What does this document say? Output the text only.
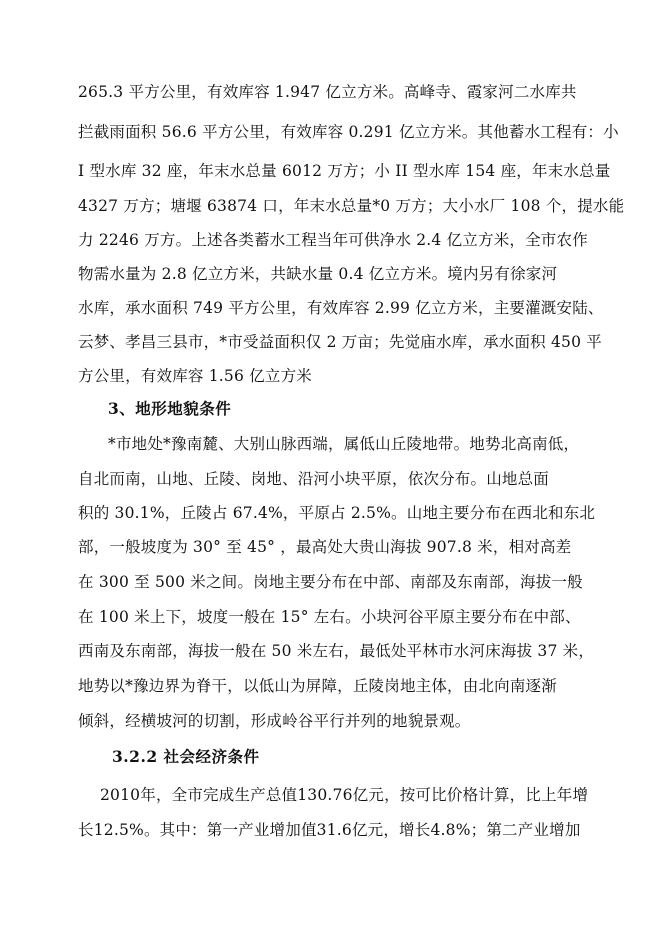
265.3 平方公里，有效库容 1.947 亿立方米。高峰寺、霞家河二水库共
拦截雨面积 56.6 平方公里，有效库容 0.291 亿立方米。其他蓄水工程有：小
I 型水库 32 座，年末水总量 6012 万方；小 II 型水库 154 座，年末水总量
4327 万方；塘堰 63874 口，年末水总量*0 万方；大小水厂 108 个，提水能
力 2246 万方。上述各类蓄水工程当年可供净水 2.4 亿立方米，全市农作
物需水量为 2.8 亿立方米，共缺水量 0.4 亿立方米。境内另有徐家河
水库，承水面积 749 平方公里，有效库容 2.99 亿立方米，主要灌溉安陆、
云梦、孝昌三县市，*市受益面积仅 2 万亩；先觉庙水库，承水面积 450 平
方公里，有效库容 1.56 亿立方米
3、地形地貌条件
*市地处*豫南麓、大别山脉西端，属低山丘陵地带。地势北高南低，
自北而南，山地、丘陵、岗地、沿河小块平原，依次分布。山地总面
积的 30.1%，丘陵占 67.4%，平原占 2.5%。山地主要分布在西北和东北
部，一般坡度为 30° 至 45° ，最高处大贵山海拔 907.8 米，相对高差
在 300 至 500 米之间。岗地主要分布在中部、南部及东南部，海拔一般
在 100 米上下，坡度一般在 15° 左右。小块河谷平原主要分布在中部、
西南及东南部，海拔一般在 50 米左右，最低处平林市水河床海拔 37 米，
地势以*豫边界为脊干，以低山为屏障，丘陵岗地主体，由北向南逐渐
倾斜，经横坡河的切割，形成岭谷平行并列的地貌景观。
3.2.2 社会经济条件
2010年，全市完成生产总值130.76亿元，按可比价格计算，比上年增
长12.5%。其中：第一产业增加值31.6亿元，增长4.8%；第二产业增加
